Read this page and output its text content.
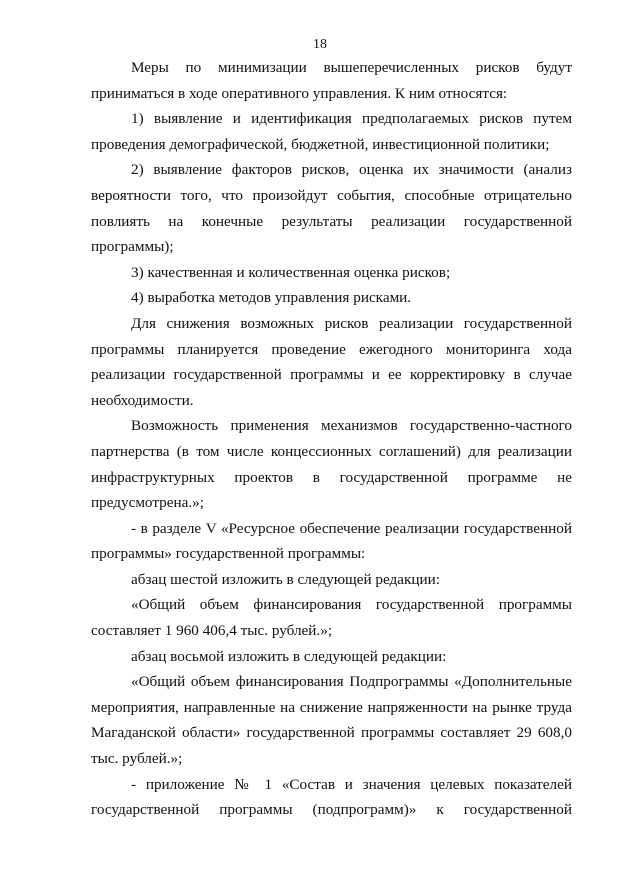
18

Меры по минимизации вышеперечисленных рисков будут приниматься в ходе оперативного управления. К ним относятся:

1) выявление и идентификация предполагаемых рисков путем проведения демографической, бюджетной, инвестиционной политики;

2) выявление факторов рисков, оценка их значимости (анализ вероятности того, что произойдут события, способные отрицательно повлиять на конечные результаты реализации государственной программы);

3) качественная и количественная оценка рисков;

4) выработка методов управления рисками.

Для снижения возможных рисков реализации государственной программы планируется проведение ежегодного мониторинга хода реализации государственной программы и ее корректировку в случае необходимости.

Возможность применения механизмов государственно-частного партнерства (в том числе концессионных соглашений) для реализации инфраструктурных проектов в государственной программе не предусмотрена.»;

- в разделе V «Ресурсное обеспечение реализации государственной программы» государственной программы:

абзац шестой изложить в следующей редакции:

«Общий объем финансирования государственной программы составляет 1 960 406,4 тыс. рублей.»;

абзац восьмой изложить в следующей редакции:

«Общий объем финансирования Подпрограммы «Дополнительные мероприятия, направленные на снижение напряженности на рынке труда Магаданской области» государственной программы составляет 29 608,0 тыс. рублей.»;

- приложение № 1 «Состав и значения целевых показателей государственной программы (подпрограмм)» к государственной
